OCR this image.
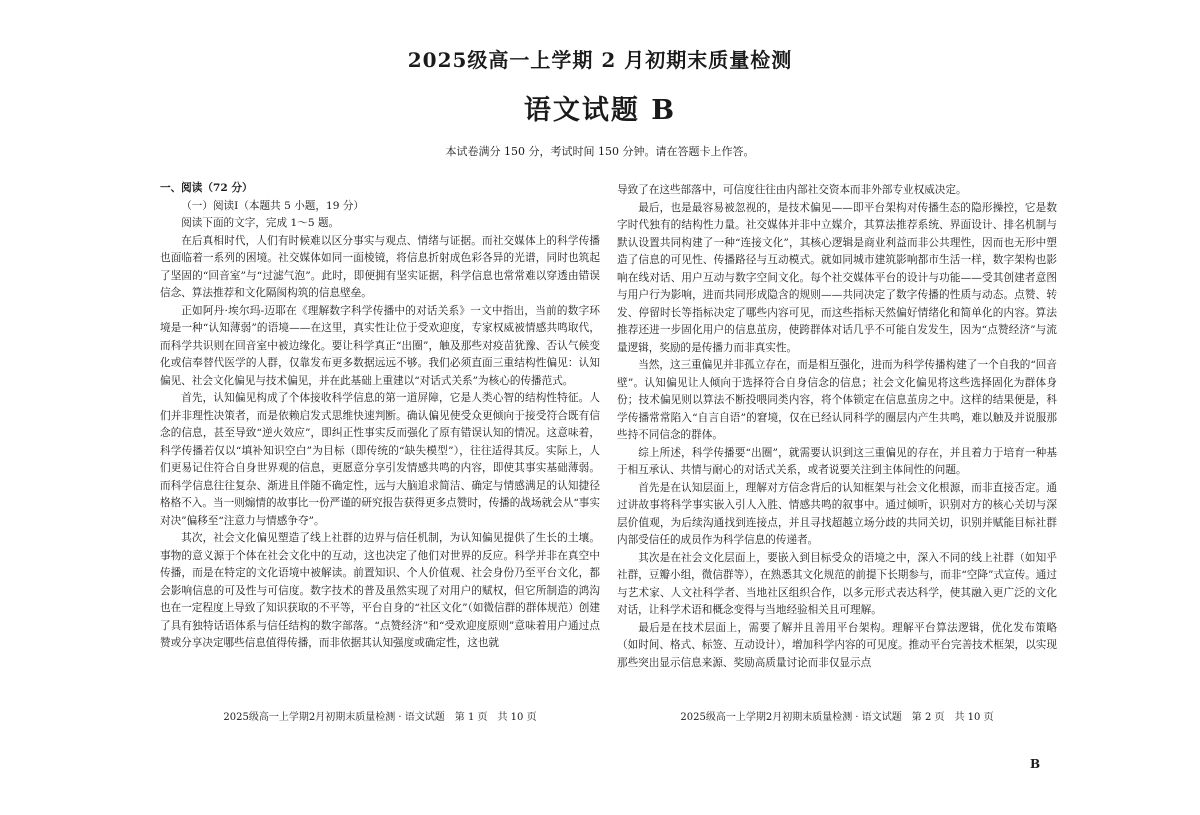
2025级高一上学期 2 月初期末质量检测
语文试题 B
本试卷满分 150 分，考试时间 150 分钟。请在答题卡上作答。

一、阅读（72 分）

（一）阅读Ⅰ（本题共 5 小题，19 分）

阅读下面的文字，完成 1～5 题。

在后真相时代，人们有时候难以区分事实与观点、情绪与证据。而社交媒体上的科学传播也面临着一系列的困境。社交媒体如同一面棱镜，将信息折射成色彩各异的光谱，同时也筑起了坚固的“回音室”与“过滤气泡”。此时，即便拥有坚实证据，科学信息也常常难以穿透由错误信念、算法推荐和文化隔阂构筑的信息壁垒。

正如阿丹·埃尔玛-迈耶在《理解数字科学传播中的对话关系》一文中指出，当前的数字环境是一种“认知薄弱”的语境——在这里，真实性让位于受欢迎度，专家权威被情感共鸣取代，而科学共识则在回音室中被边缘化。要让科学真正“出圈”，触及那些对疫苗犹豫、否认气候变化或信奉替代医学的人群，仅靠发布更多数据远远不够。我们必须直面三重结构性偏见：认知偏见、社会文化偏见与技术偏见，并在此基础上重建以“对话式关系”为核心的传播范式。

首先，认知偏见构成了个体接收科学信息的第一道屏障，它是人类心智的结构性特征。人们并非理性决策者，而是依赖启发式思维快速判断。确认偏见使受众更倾向于接受符合既有信念的信息，甚至导致“逆火效应”，即纠正性事实反而强化了原有错误认知的情况。这意味着，科学传播若仅以“填补知识空白”为目标（即传统的“缺失模型”），往往适得其反。实际上，人们更易记住符合自身世界观的信息，更愿意分享引发情感共鸣的内容，即使其事实基础薄弱。而科学信息往往复杂、渐进且伴随不确定性，远与大脑追求简洁、确定与情感满足的认知捷径格格不入。当一则煽情的故事比一份严谨的研究报告获得更多点赞时，传播的战场就会从“事实对决”偏移至“注意力与情感争夺”。

其次，社会文化偏见塑造了线上社群的边界与信任机制，为认知偏见提供了生长的土壤。事物的意义源于个体在社会文化中的互动，这也决定了他们对世界的反应。科学并非在真空中传播，而是在特定的文化语境中被解读。前置知识、个人价值观、社会身份乃至平台文化，都会影响信息的可及性与可信度。数字技术的普及虽然实现了对用户的赋权，但它所制造的鸿沟也在一定程度上导致了知识获取的不平等，平台自身的“社区文化”（如微信群的群体规范）创建了具有独特话语体系与信任结构的数字部落。“点赞经济”和“受欢迎度原则”意味着用户通过点赞或分享决定哪些信息值得传播，而非依据其认知强度或确定性，这也就

导致了在这些部落中，可信度往往由内部社交资本而非外部专业权威决定。

最后，也是最容易被忽视的，是技术偏见——即平台架构对传播生态的隐形操控，它是数字时代独有的结构性力量。社交媒体并非中立媒介，其算法推荐系统、界面设计、排名机制与默认设置共同构建了一种“连接文化”，其核心逻辑是商业利益而非公共理性，因而也无形中塑造了信息的可见性、传播路径与互动模式。就如同城市建筑影响都市生活一样，数字架构也影响在线对话、用户互动与数字空间文化。每个社交媒体平台的设计与功能——受其创建者意图与用户行为影响，进而共同形成隐含的规则——共同决定了数字传播的性质与动态。点赞、转发、停留时长等指标决定了哪些内容可见，而这些指标天然偏好情绪化和简单化的内容。算法推荐还进一步固化用户的信息茧房，使跨群体对话几乎不可能自发发生，因为“点赞经济”与流量逻辑，奖励的是传播力而非真实性。

当然，这三重偏见并非孤立存在，而是相互强化，进而为科学传播构建了一个自我的“回音壁”。认知偏见让人倾向于选择符合自身信念的信息；社会文化偏见将这些选择固化为群体身份；技术偏见则以算法不断投喂同类内容，将个体锁定在信息茧房之中。这样的结果便是，科学传播常常陷入“自言自语”的窘境，仅在已经认同科学的圈层内产生共鸣，难以触及并说服那些持不同信念的群体。

综上所述，科学传播要“出圈”，就需要认识到这三重偏见的存在，并且着力于培育一种基于相互承认、共情与耐心的对话式关系，或者说要关注到主体间性的问题。

首先是在认知层面上，理解对方信念背后的认知框架与社会文化根源，而非直接否定。通过讲故事将科学事实嵌入引人入胜、情感共鸣的叙事中。通过倾听，识别对方的核心关切与深层价值观，为后续沟通找到连接点，并且寻找超越立场分歧的共同关切，识别并赋能目标社群内部受信任的成员作为科学信息的传递者。

其次是在社会文化层面上，要嵌入到目标受众的语境之中，深入不同的线上社群（如知乎社群，豆瓣小组，微信群等），在熟悉其文化规范的前提下长期参与，而非“空降”式宣传。通过与艺术家、人文社科学者、当地社区组织合作，以多元形式表达科学，使其融入更广泛的文化对话，让科学术语和概念变得与当地经验相关且可理解。

最后是在技术层面上，需要了解并且善用平台架构。理解平台算法逻辑，优化发布策略（如时间、格式、标签、互动设计），增加科学内容的可见度。推动平台完善技术框架，以实现那些突出显示信息来源、奖励高质量讨论而非仅显示点

2025级高一上学期2月初期末质量检测 · 语文试题　第 1 页　共 10 页	2025级高一上学期2月初期末质量检测 · 语文试题　第 2 页　共 10 页
B
